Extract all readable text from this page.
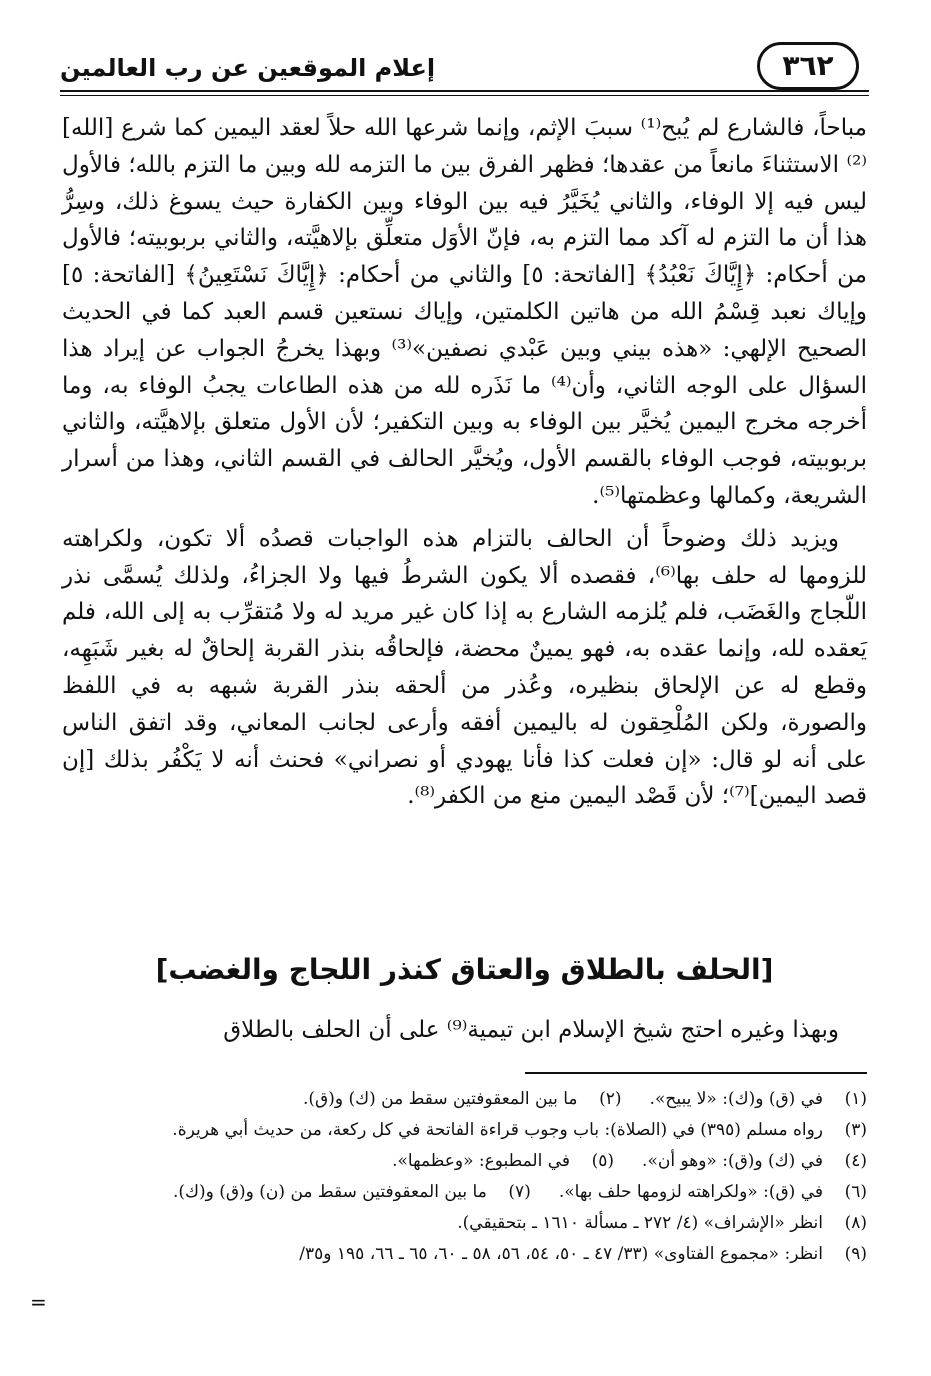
إعلام الموقعين عن رب العالمين	٣٦٢

مباحاً، فالشارع لم يُبح⁽¹⁾ سببَ الإثم، وإنما شرعها الله حلاً لعقد اليمين كما شرع [الله]⁽²⁾ الاستثناءَ مانعاً من عقدها؛ فظهر الفرق بين ما التزمه لله وبين ما التزم بالله؛ فالأول ليس فيه إلا الوفاء، والثاني يُخَيَّرُ فيه بين الوفاء وبين الكفارة حيث يسوغ ذلك، وسِرُّ هذا أن ما التزم له آكد مما التزم به، فإنّ الأوَل متعلِّق بإلاهيَّته، والثاني بربوبيته؛ فالأول من أحكام: ﴿إِيَّاكَ نَعْبُدُ﴾ [الفاتحة: ٥] والثاني من أحكام: ﴿إِيَّاكَ نَسْتَعِينُ﴾ [الفاتحة: ٥] وإياك نعبد قِسْمُ الله من هاتين الكلمتين، وإياك نستعين قسم العبد كما في الحديث الصحيح الإلهي: «هذه بيني وبين عَبْدي نصفين»⁽³⁾ وبهذا يخرجُ الجواب عن إيراد هذا السؤال على الوجه الثاني، وأن⁽⁴⁾ ما نَذَره لله من هذه الطاعات يجبُ الوفاء به، وما أخرجه مخرج اليمين يُخيَّر بين الوفاء به وبين التكفير؛ لأن الأول متعلق بإلاهيَّته، والثاني بربوبيته، فوجب الوفاء بالقسم الأول، ويُخيَّر الحالف في القسم الثاني، وهذا من أسرار الشريعة، وكمالها وعظمتها⁽⁵⁾.

ويزيد ذلك وضوحاً أن الحالف بالتزام هذه الواجبات قصدُه ألا تكون، ولكراهته للزومها له حلف بها⁽⁶⁾، فقصده ألا يكون الشرطُ فيها ولا الجزاءُ، ولذلك يُسمَّى نذر اللّجاج والغَضَب، فلم يُلزمه الشارع به إذا كان غير مريد له ولا مُتقرِّب به إلى الله، فلم يَعقده لله، وإنما عقده به، فهو يمينٌ محضة، فإلحاقُه بنذر القربة إلحاقٌ له بغير شَبَهِه، وقطع له عن الإلحاق بنظيره، وعُذر من ألحقه بنذر القربة شبهه به في اللفظ والصورة، ولكن المُلْحِقون له باليمين أفقه وأرعى لجانب المعاني، وقد اتفق الناس على أنه لو قال: «إن فعلت كذا فأنا يهودي أو نصراني» فحنث أنه لا يَكْفُر بذلك [إن قصد اليمين]⁽⁷⁾؛ لأن قَصْد اليمين منع من الكفر⁽⁸⁾.

[الحلف بالطلاق والعتاق كنذر اللجاج والغضب]
وبهذا وغيره احتج شيخ الإسلام ابن تيمية⁽⁹⁾ على أن الحلف بالطلاق
(١)
في (ق) و(ك): «لا يبيح».
(٢)
ما بين المعقوفتين سقط من (ك) و(ق).
(٣)
رواه مسلم (٣٩٥) في (الصلاة): باب وجوب قراءة الفاتحة في كل ركعة، من حديث أبي هريرة.
(٤)
في (ك) و(ق): «وهو أن».
(٥)
في المطبوع: «وعظمها».
(٦)
في (ق): «ولكراهته لزومها حلف بها».
(٧)
ما بين المعقوفتين سقط من (ن) و(ق) و(ك).
(٨)
انظر «الإشراف» (٤/ ٢٧٢ ـ مسألة ١٦١٠ ـ بتحقيقي).
(٩)
انظر: «مجموع الفتاوى» (٣٣/ ٤٧ ـ ٥٠، ٥٤، ٥٦، ٥٨ ـ ٦٠، ٦٥ ـ ٦٦، ١٩٥ و٣٥/
=
